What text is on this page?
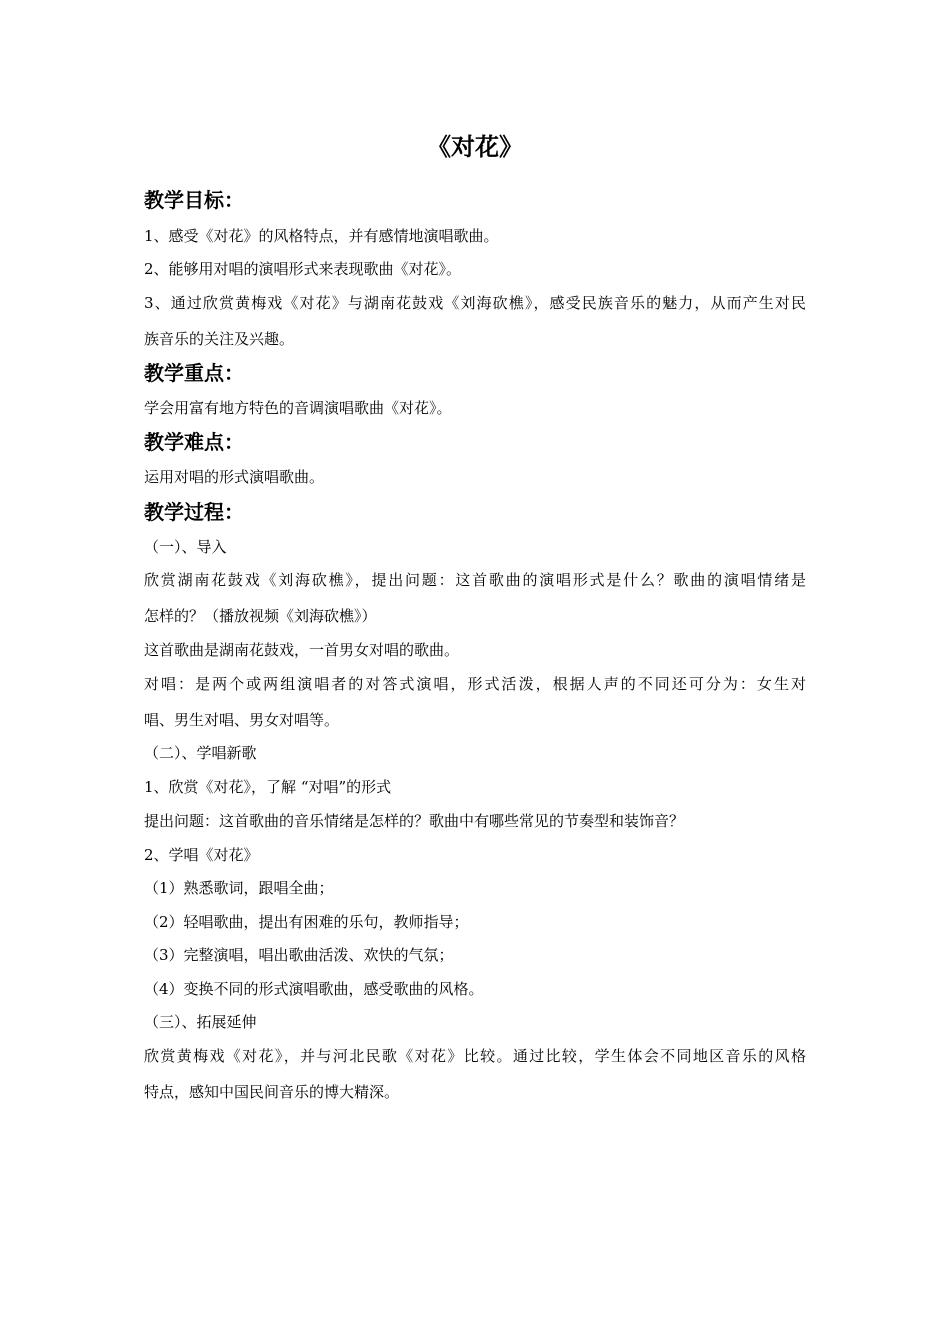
《对花》
教学目标：
1、感受《对花》的风格特点，并有感情地演唱歌曲。
2、能够用对唱的演唱形式来表现歌曲《对花》。
3、通过欣赏黄梅戏《对花》与湖南花鼓戏《刘海砍樵》，感受民族音乐的魅力，从而产生对民
族音乐的关注及兴趣。
教学重点：
学会用富有地方特色的音调演唱歌曲《对花》。
教学难点：
运用对唱的形式演唱歌曲。
教学过程：
（一）、导入
欣赏湖南花鼓戏《刘海砍樵》，提出问题：这首歌曲的演唱形式是什么？歌曲的演唱情绪是
怎样的？（播放视频《刘海砍樵》）
这首歌曲是湖南花鼓戏，一首男女对唱的歌曲。
对唱：是两个或两组演唱者的对答式演唱，形式活泼，根据人声的不同还可分为：女生对
唱、男生对唱、男女对唱等。
（二）、学唱新歌
1、欣赏《对花》，了解 “对唱”的形式
提出问题：这首歌曲的音乐情绪是怎样的？歌曲中有哪些常见的节奏型和装饰音？
2、学唱《对花》
（1）熟悉歌词，跟唱全曲；
（2）轻唱歌曲，提出有困难的乐句，教师指导；
（3）完整演唱，唱出歌曲活泼、欢快的气氛；
（4）变换不同的形式演唱歌曲，感受歌曲的风格。
（三）、拓展延伸
欣赏黄梅戏《对花》，并与河北民歌《对花》比较。通过比较，学生体会不同地区音乐的风格
特点，感知中国民间音乐的博大精深。
